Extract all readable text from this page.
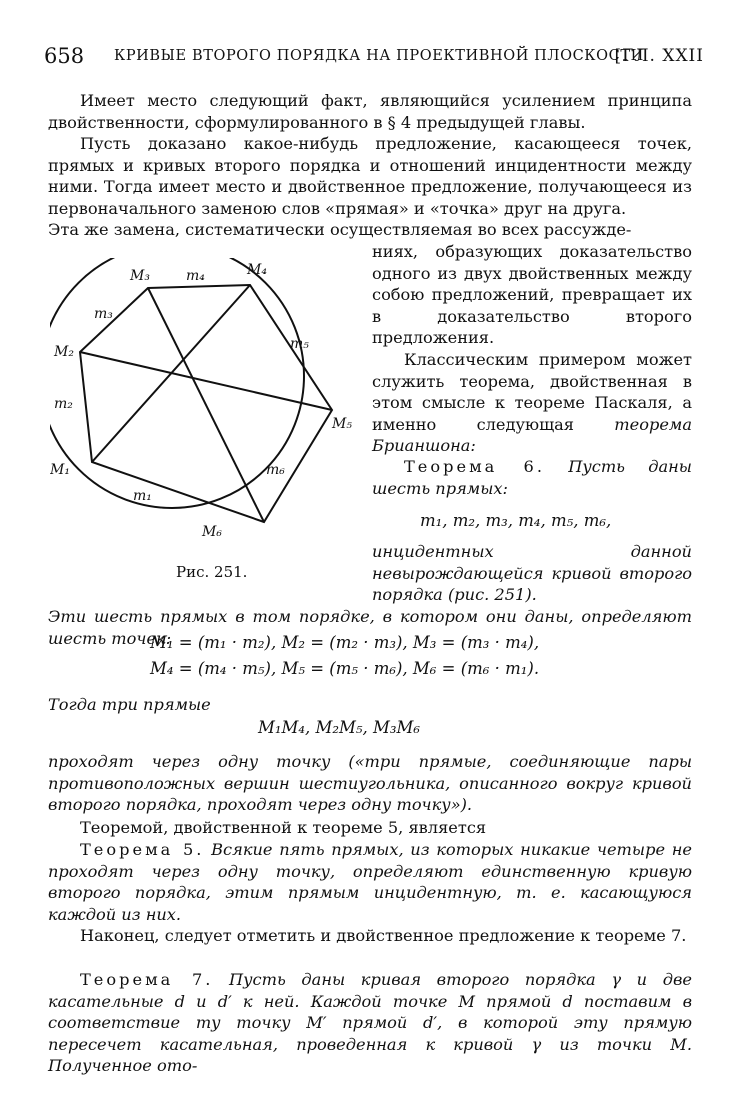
658 КРИВЫЕ ВТОРОГО ПОРЯДКА НА ПРОЕКТИВНОЙ ПЛОСКОСТИ
[ГЛ. XXII
Имеет место следующий факт, являющийся усилением принципа двойственности, сформулированного в § 4 предыдущей главы.
Пусть доказано какое-нибудь предложение, касающееся точек, прямых и кривых второго порядка и отношений инцидентности между ними. Тогда имеет место и двойственное предложение, получающееся из первоначального заменою слов «прямая» и «точка» друг на друга.
Эта же замена, систематически осуществляемая во всех рассужде-
M₁
M₂
M₃	M₄
M₅
M₆
m₁
m₂
m₃
m₄
m₅
m₆
Рис. 251.
ниях, образующих доказательство одного из двух двойственных между собою предложений, превращает их в доказательство второго предложения.
Классическим примером может служить теорема, двойственная в этом смысле к теореме Паскаля, а именно следующая теорема Брианшона:
Теорема 6. Пусть даны шесть прямых:
m₁, m₂, m₃, m₄, m₅, m₆,
инцидентных данной невырождающейся кривой второго порядка (рис. 251).
Эти шесть прямых в том порядке, в котором они даны, определяют шесть точек:
M₁ = (m₁ · m₂), M₂ = (m₂ · m₃), M₃ = (m₃ · m₄),
M₄ = (m₄ · m₅), M₅ = (m₅ · m₆), M₆ = (m₆ · m₁).
Тогда три прямые
M₁M₄, M₂M₅, M₃M₆
проходят через одну точку («три прямые, соединяющие пары противоположных вершин шестиугольника, описанного вокруг кривой второго порядка, проходят через одну точку»).
Теоремой, двойственной к теореме 5, является
Теорема 5. Всякие пять прямых, из которых никакие четыре не проходят через одну точку, определяют единственную кривую второго порядка, этим прямым инцидентную, т. е. касающуюся каждой из них.
Наконец, следует отметить и двойственное предложение к теореме 7.
Теорема 7. Пусть даны кривая второго порядка γ и две касательные d и d′ к ней. Каждой точке M прямой d поставим в соответствие ту точку M′ прямой d′, в которой эту прямую пересечет касательная, проведенная к кривой γ из точки M. Полученное ото-
